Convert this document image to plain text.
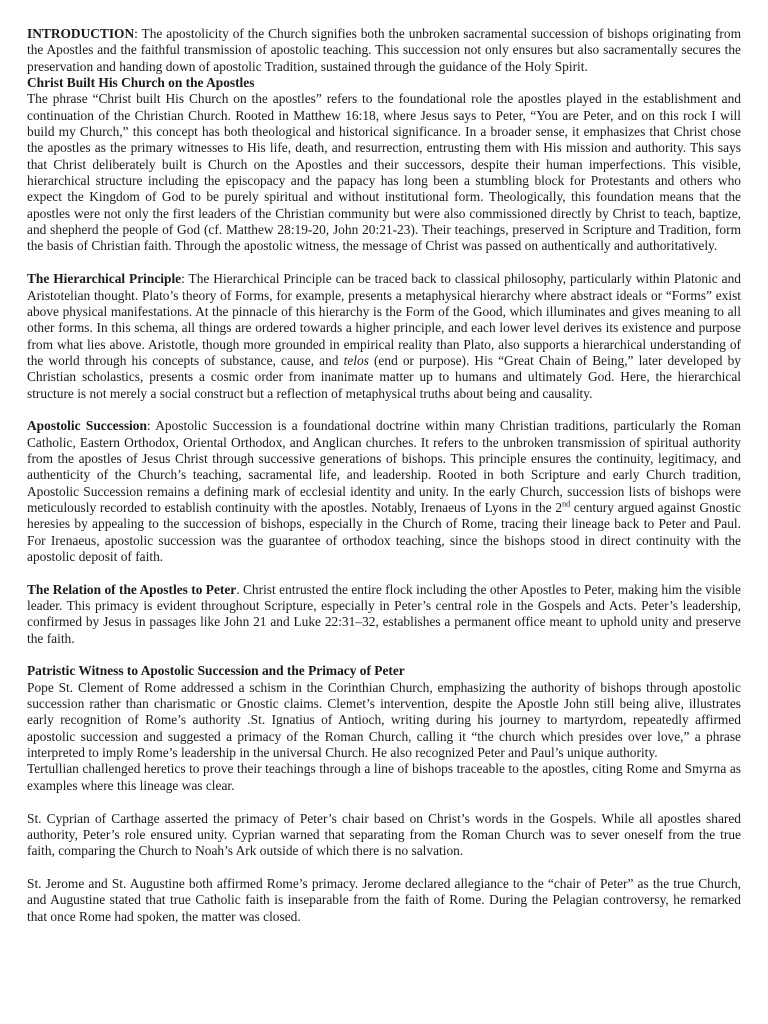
INTRODUCTION: The apostolicity of the Church signifies both the unbroken sacramental succession of bishops originating from the Apostles and the faithful transmission of apostolic teaching. This succession not only ensures but also sacramentally secures the preservation and handing down of apostolic Tradition, sustained through the guidance of the Holy Spirit.

Christ Built His Church on the Apostles

The phrase “Christ built His Church on the apostles” refers to the foundational role the apostles played in the establishment and continuation of the Christian Church. Rooted in Matthew 16:18, where Jesus says to Peter, “You are Peter, and on this rock I will build my Church,” this concept has both theological and historical significance. In a broader sense, it emphasizes that Christ chose the apostles as the primary witnesses to His life, death, and resurrection, entrusting them with His mission and authority. This says that Christ deliberately built is Church on the Apostles and their successors, despite their human imperfections. This visible, hierarchical structure including the episcopacy and the papacy has long been a stumbling block for Protestants and others who expect the Kingdom of God to be purely spiritual and without institutional form. Theologically, this foundation means that the apostles were not only the first leaders of the Christian community but were also commissioned directly by Christ to teach, baptize, and shepherd the people of God (cf. Matthew 28:19-20, John 20:21-23). Their teachings, preserved in Scripture and Tradition, form the basis of Christian faith. Through the apostolic witness, the message of Christ was passed on authentically and authoritatively.

The Hierarchical Principle: The Hierarchical Principle can be traced back to classical philosophy, particularly within Platonic and Aristotelian thought. Plato’s theory of Forms, for example, presents a metaphysical hierarchy where abstract ideals or “Forms” exist above physical manifestations. At the pinnacle of this hierarchy is the Form of the Good, which illuminates and gives meaning to all other forms. In this schema, all things are ordered towards a higher principle, and each lower level derives its existence and purpose from what lies above. Aristotle, though more grounded in empirical reality than Plato, also supports a hierarchical understanding of the world through his concepts of substance, cause, and telos (end or purpose). His “Great Chain of Being,” later developed by Christian scholastics, presents a cosmic order from inanimate matter up to humans and ultimately God. Here, the hierarchical structure is not merely a social construct but a reflection of metaphysical truths about being and causality.

Apostolic Succession: Apostolic Succession is a foundational doctrine within many Christian traditions, particularly the Roman Catholic, Eastern Orthodox, Oriental Orthodox, and Anglican churches. It refers to the unbroken transmission of spiritual authority from the apostles of Jesus Christ through successive generations of bishops. This principle ensures the continuity, legitimacy, and authenticity of the Church’s teaching, sacramental life, and leadership. Rooted in both Scripture and early Church tradition, Apostolic Succession remains a defining mark of ecclesial identity and unity. In the early Church, succession lists of bishops were meticulously recorded to establish continuity with the apostles. Notably, Irenaeus of Lyons in the 2nd century argued against Gnostic heresies by appealing to the succession of bishops, especially in the Church of Rome, tracing their lineage back to Peter and Paul. For Irenaeus, apostolic succession was the guarantee of orthodox teaching, since the bishops stood in direct continuity with the apostolic deposit of faith.

The Relation of the Apostles to Peter. Christ entrusted the entire flock including the other Apostles to Peter, making him the visible leader. This primacy is evident throughout Scripture, especially in Peter’s central role in the Gospels and Acts. Peter’s leadership, confirmed by Jesus in passages like John 21 and Luke 22:31–32, establishes a permanent office meant to uphold unity and preserve the faith.

Patristic Witness to Apostolic Succession and the Primacy of Peter

Pope St. Clement of Rome addressed a schism in the Corinthian Church, emphasizing the authority of bishops through apostolic succession rather than charismatic or Gnostic claims. Clemet’s intervention, despite the Apostle John still being alive, illustrates early recognition of Rome’s authority .St. Ignatius of Antioch, writing during his journey to martyrdom, repeatedly affirmed apostolic succession and suggested a primacy of the Roman Church, calling it “the church which presides over love,” a phrase interpreted to imply Rome’s leadership in the universal Church. He also recognized Peter and Paul’s unique authority.

Tertullian challenged heretics to prove their teachings through a line of bishops traceable to the apostles, citing Rome and Smyrna as examples where this lineage was clear.

St. Cyprian of Carthage asserted the primacy of Peter’s chair based on Christ’s words in the Gospels. While all apostles shared authority, Peter’s role ensured unity. Cyprian warned that separating from the Roman Church was to sever oneself from the true faith, comparing the Church to Noah’s Ark outside of which there is no salvation.

St. Jerome and St. Augustine both affirmed Rome’s primacy. Jerome declared allegiance to the “chair of Peter” as the true Church, and Augustine stated that true Catholic faith is inseparable from the faith of Rome. During the Pelagian controversy, he remarked that once Rome had spoken, the matter was closed.
